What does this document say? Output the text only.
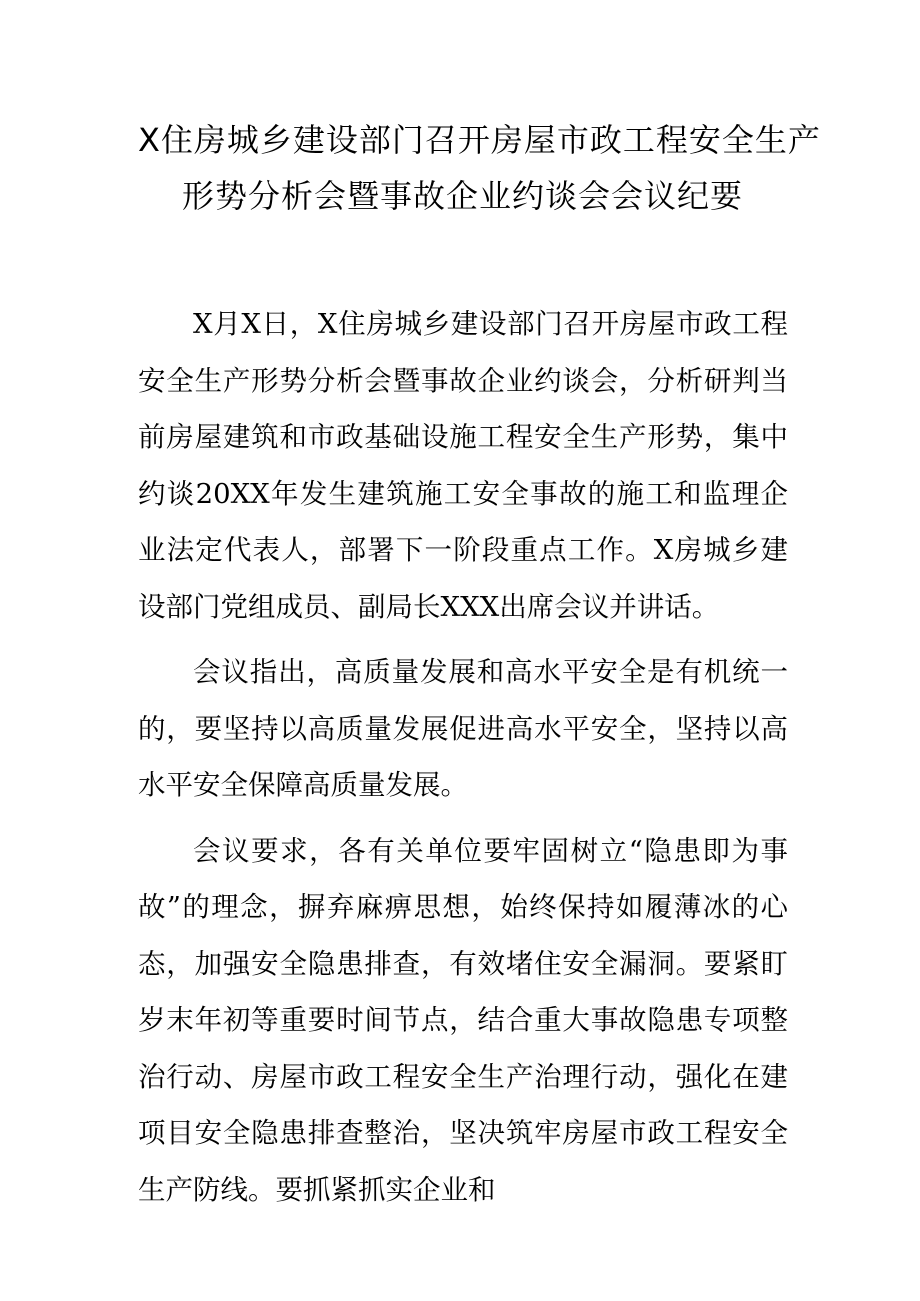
X住房城乡建设部门召开房屋市政工程安全生产
形势分析会暨事故企业约谈会会议纪要

X月X日，X住房城乡建设部门召开房屋市政工程安全生产形势分析会暨事故企业约谈会，分析研判当前房屋建筑和市政基础设施工程安全生产形势，集中约谈20XX年发生建筑施工安全事故的施工和监理企业法定代表人，部署下一阶段重点工作。X房城乡建设部门党组成员、副局长XXX出席会议并讲话。

会议指出，高质量发展和高水平安全是有机统一的，要坚持以高质量发展促进高水平安全，坚持以高水平安全保障高质量发展。

会议要求，各有关单位要牢固树立“隐患即为事故”的理念，摒弃麻痹思想，始终保持如履薄冰的心态，加强安全隐患排查，有效堵住安全漏洞。要紧盯岁末年初等重要时间节点，结合重大事故隐患专项整治行动、房屋市政工程安全生产治理行动，强化在建项目安全隐患排查整治，坚决筑牢房屋市政工程安全生产防线。要抓紧抓实企业和
